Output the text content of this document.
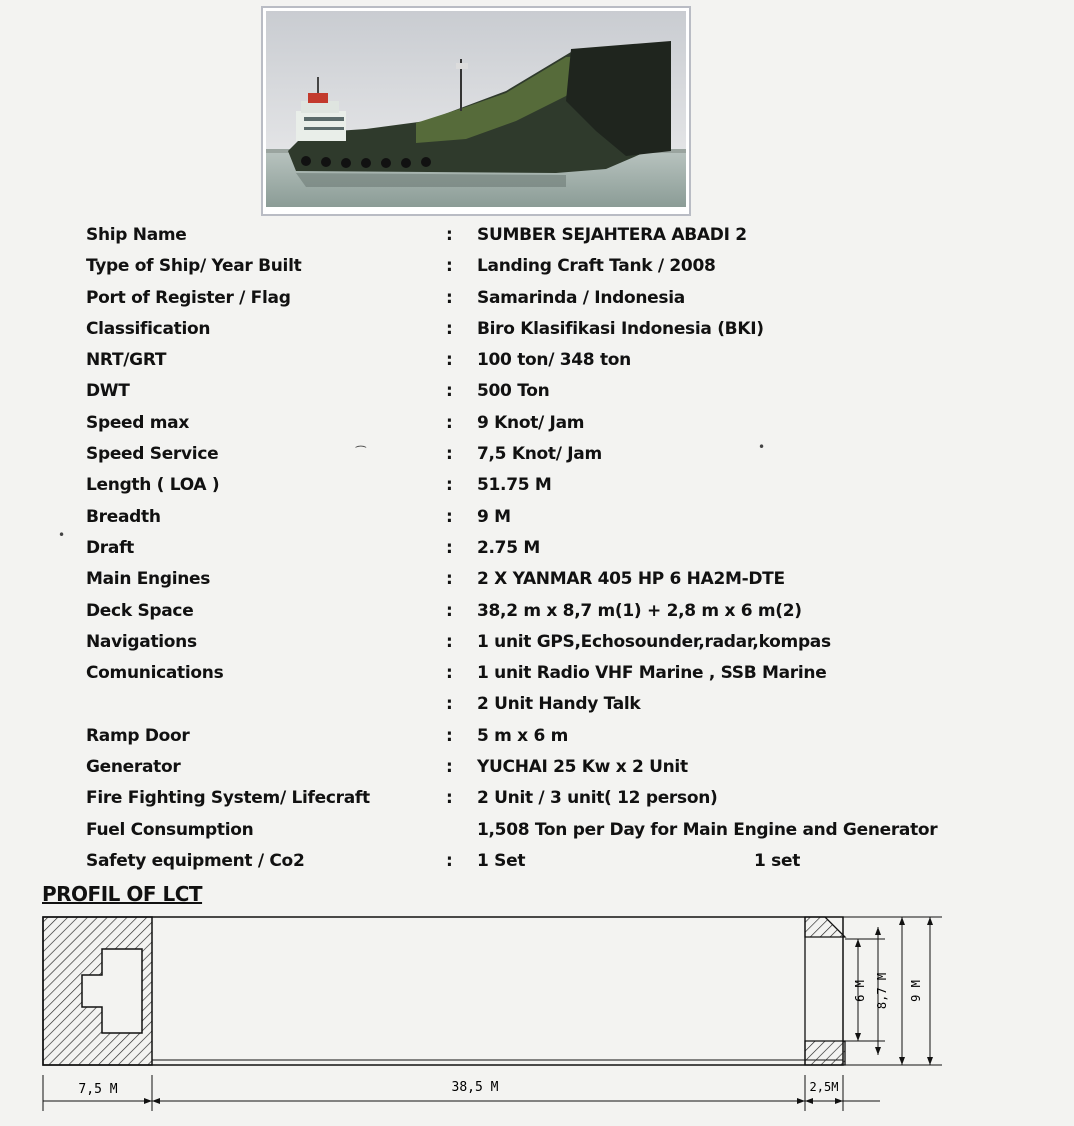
Ship Name	: SUMBER SEJAHTERA ABADI 2
Type of Ship/ Year Built	: Landing Craft Tank / 2008
Port of Register / Flag	: Samarinda / Indonesia
Classification	: Biro Klasifikasi Indonesia (BKI)
NRT/GRT	: 100 ton/ 348 ton
DWT	: 500 Ton
Speed max	: 9 Knot/ Jam
Speed Service	: 7,5 Knot/ Jam
Length ( LOA )	: 51.75 M
Breadth	: 9 M
Draft	: 2.75 M
Main Engines	: 2 X YANMAR 405 HP 6 HA2M-DTE
Deck Space	: 38,2 m x 8,7 m(1) + 2,8 m x 6 m(2)
Navigations	: 1 unit GPS,Echosounder,radar,kompas
Comunications	: 1 unit Radio VHF Marine , SSB Marine
: 2 Unit Handy Talk
Ramp Door	: 5 m x 6 m
Generator	: YUCHAI 25 Kw x 2 Unit
Fire Fighting System/ Lifecraft	: 2 Unit / 3 unit( 12 person)
Fuel Consumption	1,508 Ton per Day for Main Engine and Generator
Safety equipment / Co2	: 1 Set	1 set
⁀	•
•
PROFIL OF LCT
6 M 8,7 M 9 M
7,5 M	38,5 M	2,5M
